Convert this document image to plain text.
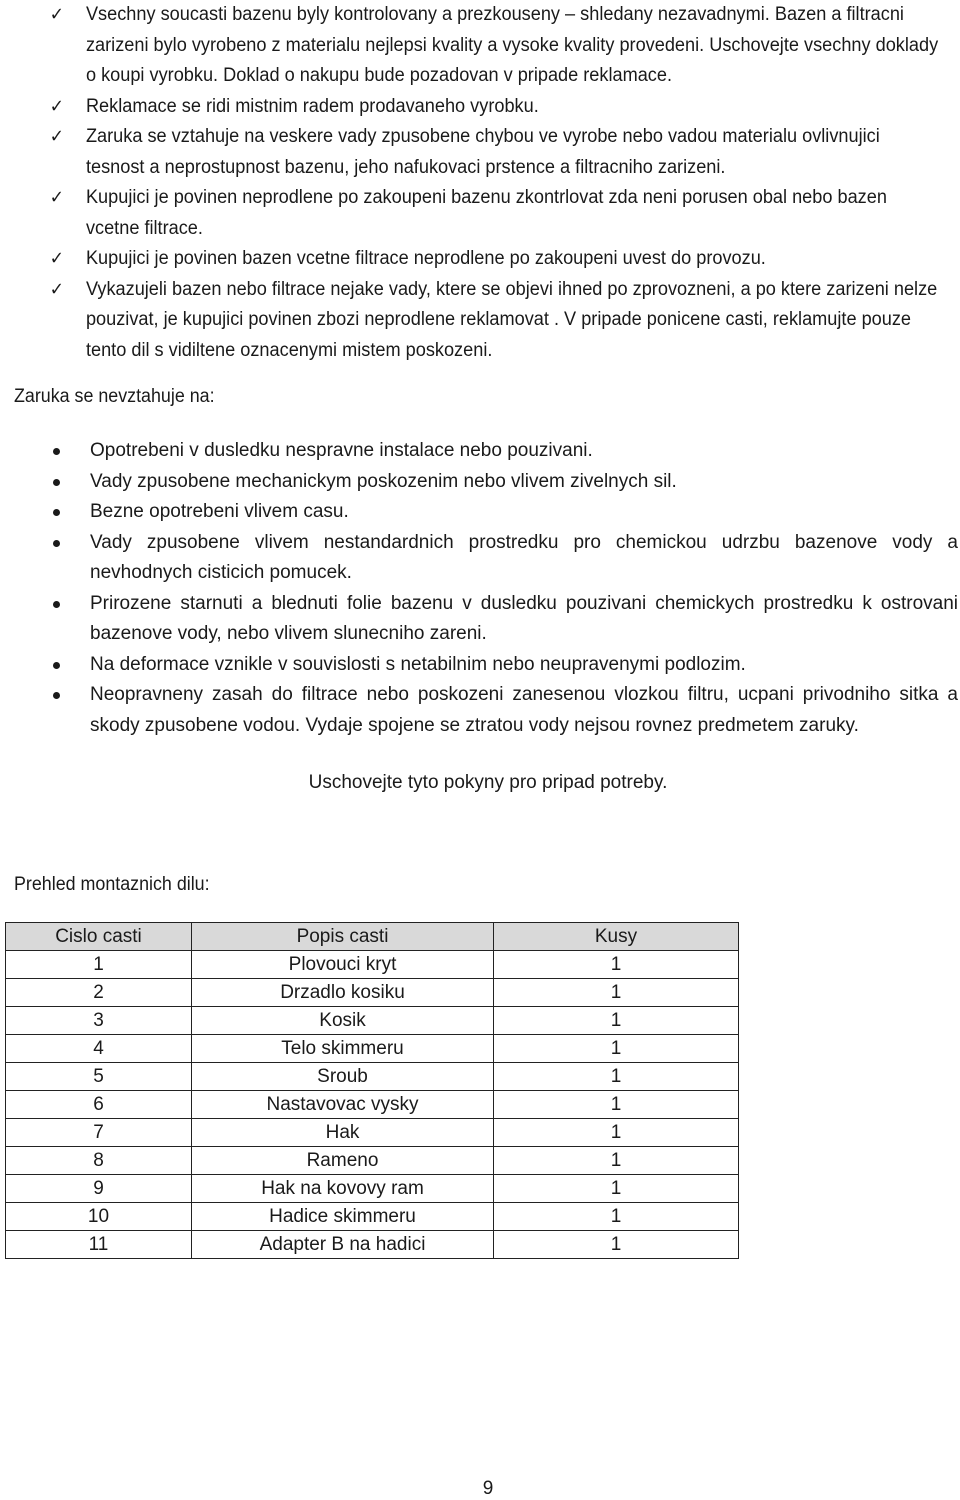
✓ Vsechny soucasti bazenu byly kontrolovany a prezkouseny – shledany nezavadnymi. Bazen a filtracni zarizeni bylo vyrobeno z materialu nejlepsi kvality a vysoke kvality provedeni. Uschovejte vsechny doklady o koupi vyrobku. Doklad o nakupu bude pozadovan v pripade reklamace.
✓ Reklamace se ridi mistnim radem prodavaneho vyrobku.
✓ Zaruka se vztahuje na veskere vady zpusobene chybou ve vyrobe nebo vadou materialu ovlivnujici tesnost a neprostupnost bazenu, jeho nafukovaci prstence a filtracniho zarizeni.
✓ Kupujici je povinen neprodlene po zakoupeni bazenu zkontrlovat zda neni porusen obal nebo bazen vcetne filtrace.
✓ Kupujici je povinen bazen vcetne filtrace neprodlene po zakoupeni uvest do provozu.
✓ Vykazujeli bazen nebo filtrace nejake vady, ktere se objevi ihned po zprovozneni, a po ktere zarizeni nelze pouzivat, je kupujici povinen zbozi neprodlene reklamovat . V pripade ponicene casti, reklamujte pouze tento dil s vidiltene oznacenymi mistem poskozeni.
Zaruka se nevztahuje na:
Opotrebeni v dusledku nespravne instalace nebo pouzivani.
Vady zpusobene mechanickym poskozenim nebo vlivem zivelnych sil.
Bezne opotrebeni vlivem casu.
Vady zpusobene vlivem nestandardnich prostredku pro chemickou udrzbu bazenove vody a nevhodnych cisticich pomucek.
Prirozene starnuti a blednuti folie bazenu v dusledku pouzivani chemickych prostredku k ostrovani bazenove vody, nebo vlivem slunecniho zareni.
Na deformace vznikle v souvislosti s netabilnim nebo neupravenymi podlozim.
Neopravneny zasah do filtrace nebo poskozeni zanesenou vlozkou filtru, ucpani privodniho sitka a skody zpusobene vodou. Vydaje spojene se ztratou vody nejsou rovnez predmetem zaruky.
Uschovejte tyto pokyny pro pripad potreby.
Prehled montaznich dilu:
Cislo casti	Popis casti	Kusy
1	Plovouci kryt	1
2	Drzadlo kosiku	1
3	Kosik	1
4	Telo skimmeru	1
5	Sroub	1
6	Nastavovac vysky	1
7	Hak	1
8	Rameno	1
9	Hak na kovovy ram	1
10	Hadice skimmeru	1
11	Adapter B na hadici	1
9
